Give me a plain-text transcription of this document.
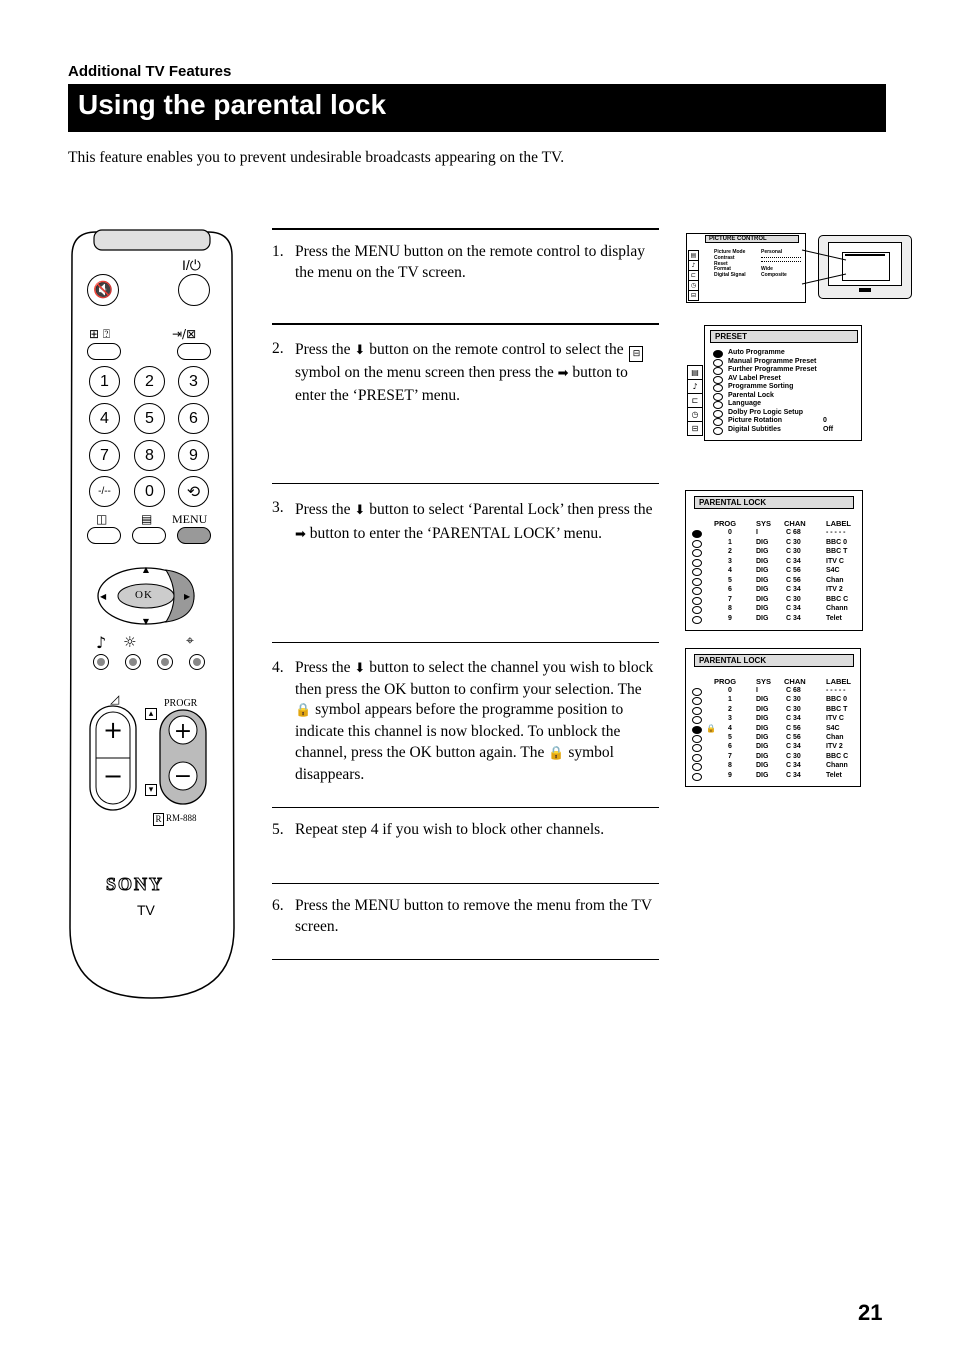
Additional TV Features
Using the parental lock
This feature enables you to prevent undesirable broadcasts appearing on the TV.
1. Press the MENU button on the remote control to display the menu on the TV screen.
2. Press the ⬇ button on the remote control to select the ⊟ symbol on the menu screen then press the ➡ button to enter the ‘PRESET’ menu.
3. Press the ⬇ button to select ‘Parental Lock’ then press the ➡ button to enter the ‘PARENTAL LOCK’ menu.
4. Press the ⬇ button to select the channel you wish to block then press the OK button to confirm your selection. The 🔒 symbol appears before the programme position to indicate this channel is now blocked. To unblock the channel, press the OK button again. The 🔒 symbol disappears.
5. Repeat step 4 if you wish to block other channels.
6. Press the MENU button to remove the menu from the TV screen.
PICTURE CONTROL
▤
♪
⊏
◷
⊟
Picture Mode	Personal
Contrast
Reset
Format	Wide
Digital Signal	Composite
PRESET
▤
♪
⊏
◷
⊟
Auto Programme
Manual Programme Preset
Further Programme Preset
AV Label Preset
Programme Sorting
Parental Lock
Language
Dolby Pro Logic Setup
Picture Rotation	0
Digital Subtitles	Off
PARENTAL LOCK
PROG	SYS CHAN	LABEL
0	I	C 68	- - - - -
1	DIG	C 30	BBC 0
2	DIG	C 30	BBC T
3	DIG	C 34	ITV C
4	DIG	C 56	S4C
5	DIG	C 56	Chan
6	DIG	C 34	ITV 2
7	DIG	C 30	BBC C
8	DIG	C 34	Chann
9	DIG	C 34	Telet
PARENTAL LOCK
PROG	SYS CHAN	LABEL
0	I	C 68	- - - - -
1	DIG	C 30	BBC 0
2	DIG	C 30	BBC T
3	DIG	C 34	ITV C
🔒 4	DIG	C 56	S4C
5	DIG	C 56	Chan
6	DIG	C 34	ITV 2
7	DIG	C 30	BBC C
8	DIG	C 34	Chann
9	DIG	C 34	Telet
🔇
I/⏻
⊞ ⍰	⇥/⊠
1	2	3
4	5	6
7	8	9
-/--	0	⟲
◫	▤ MENU
▲
▼
◀	▶
OK
♪ ☼	⌖
◿
▴
PROGR
+
−
+
−
▾
R RM-888
SONY
TV
21
